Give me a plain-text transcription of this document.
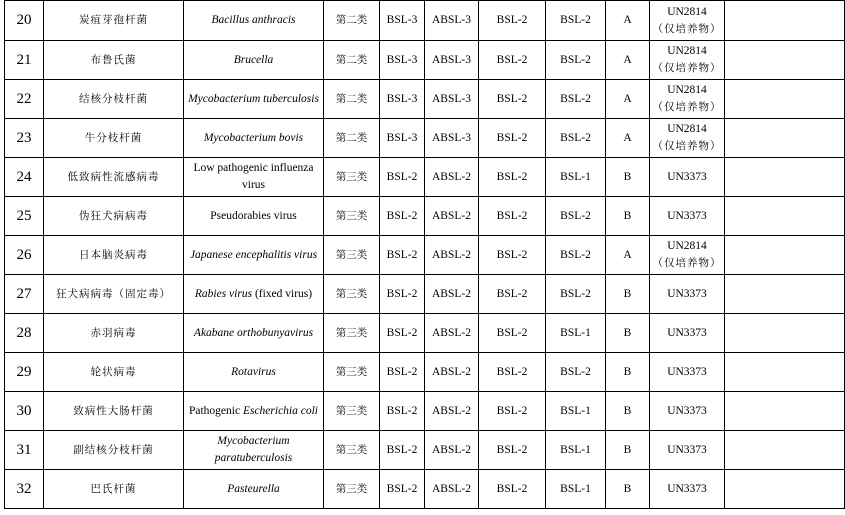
20	炭疽芽孢杆菌	Bacillus anthracis	第二类	BSL-3	ABSL-3	BSL-2	BSL-2	A	UN2814
（仅培养物）	

21	布鲁氏菌	Brucella	第二类	BSL-3	ABSL-3	BSL-2	BSL-2	A	UN2814
（仅培养物）	

22	结核分枝杆菌	Mycobacterium tuberculosis	第二类	BSL-3	ABSL-3	BSL-2	BSL-2	A	UN2814
（仅培养物）	

23	牛分枝杆菌	Mycobacterium bovis	第二类	BSL-3	ABSL-3	BSL-2	BSL-2	A	UN2814
（仅培养物）	

24	低致病性流感病毒	Low pathogenic influenza
virus	第三类	BSL-2	ABSL-2	BSL-2	BSL-1	B	UN3373	

25	伪狂犬病病毒	Pseudorabies virus	第三类	BSL-2	ABSL-2	BSL-2	BSL-2	B	UN3373	

26	日本脑炎病毒	Japanese encephalitis virus	第三类	BSL-2	ABSL-2	BSL-2	BSL-2	A	UN2814
（仅培养物）	

27	狂犬病病毒（固定毒）	Rabies virus (fixed virus)	第三类	BSL-2	ABSL-2	BSL-2	BSL-2	B	UN3373	

28	赤羽病毒	Akabane orthobunyavirus	第三类	BSL-2	ABSL-2	BSL-2	BSL-1	B	UN3373	

29	轮状病毒	Rotavirus	第三类	BSL-2	ABSL-2	BSL-2	BSL-2	B	UN3373	

30	致病性大肠杆菌	Pathogenic Escherichia coli	第三类	BSL-2	ABSL-2	BSL-2	BSL-1	B	UN3373	

31	副结核分枝杆菌	Mycobacterium
paratuberculosis	第三类	BSL-2	ABSL-2	BSL-2	BSL-1	B	UN3373	

32	巴氏杆菌	Pasteurella	第三类	BSL-2	ABSL-2	BSL-2	BSL-1	B	UN3373	
